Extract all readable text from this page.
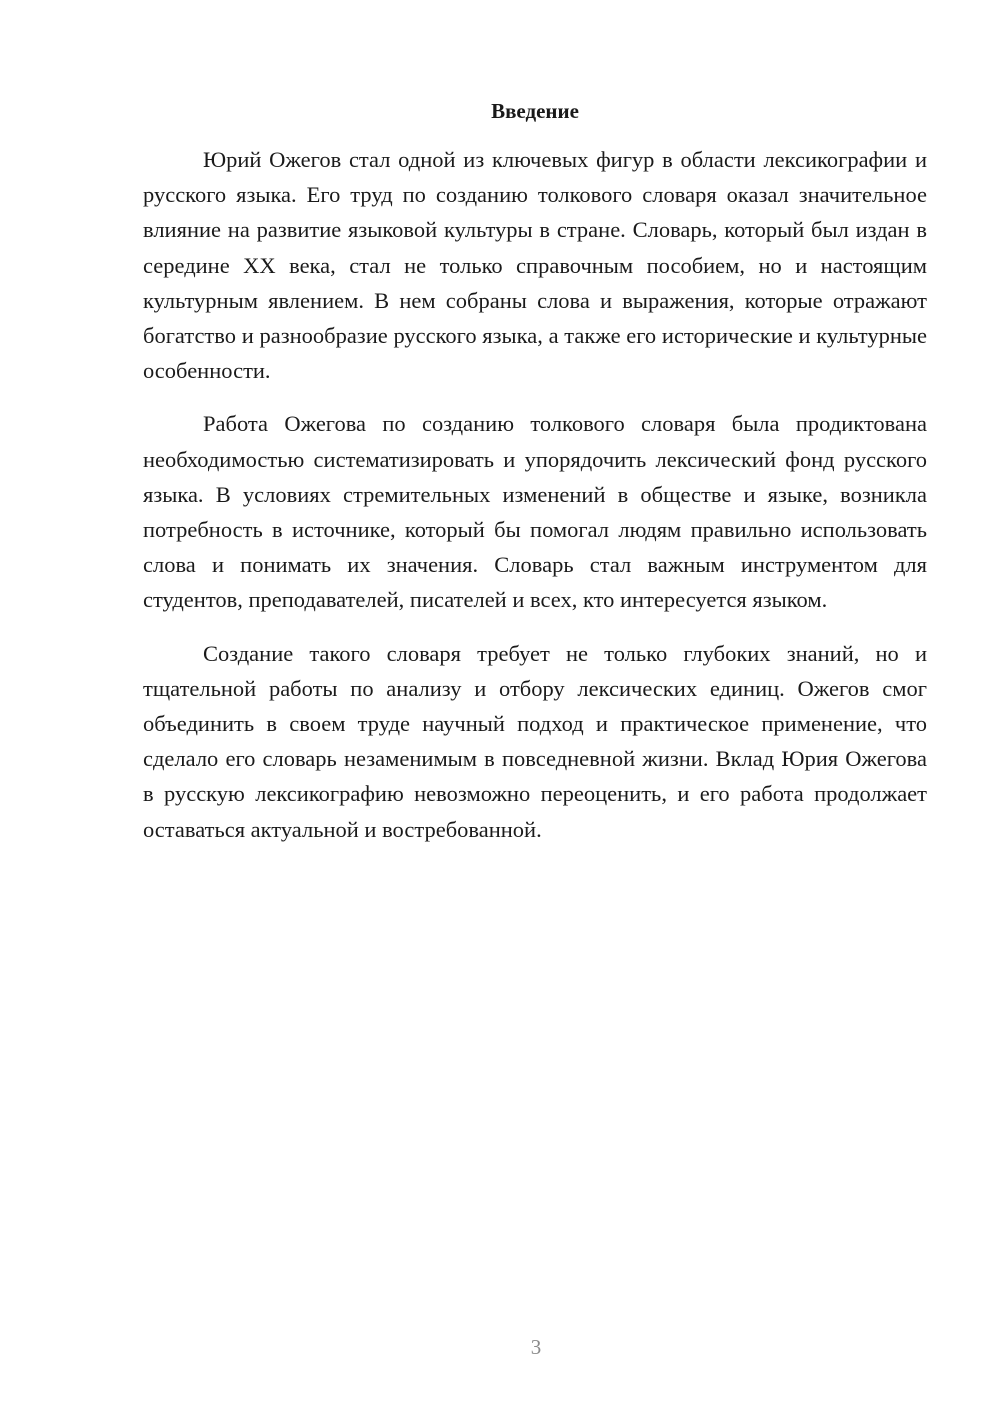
Введение

Юрий Ожегов стал одной из ключевых фигур в области лексикографии и русского языка. Его труд по созданию толкового словаря оказал значительное влияние на развитие языковой культуры в стране. Словарь, который был издан в середине XX века, стал не только справочным пособием, но и настоящим культурным явлением. В нем собраны слова и выражения, которые отражают богатство и разнообразие русского языка, а также его исторические и культурные особенности.

Работа Ожегова по созданию толкового словаря была продиктована необходимостью систематизировать и упорядочить лексический фонд русского языка. В условиях стремительных изменений в обществе и языке, возникла потребность в источнике, который бы помогал людям правильно использовать слова и понимать их значения. Словарь стал важным инструментом для студентов, преподавателей, писателей и всех, кто интересуется языком.

Создание такого словаря требует не только глубоких знаний, но и тщательной работы по анализу и отбору лексических единиц. Ожегов смог объединить в своем труде научный подход и практическое применение, что сделало его словарь незаменимым в повседневной жизни. Вклад Юрия Ожегова в русскую лексикографию невозможно переоценить, и его работа продолжает оставаться актуальной и востребованной.

3
